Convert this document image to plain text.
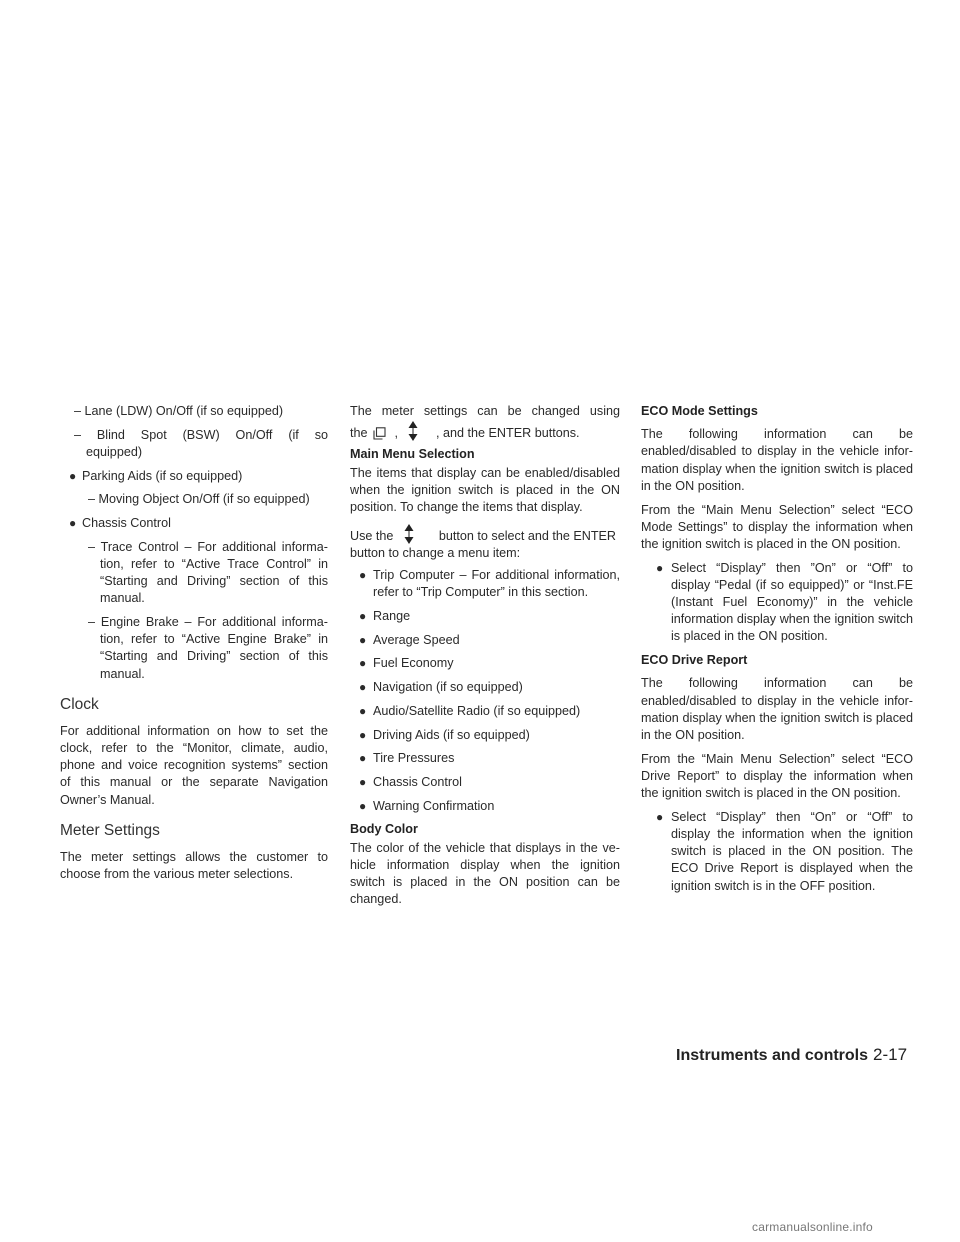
– Lane (LDW) On/Off (if so equipped)

– Blind Spot (BSW) On/Off (if so

equipped)

● Parking Aids (if so equipped)

– Moving Object On/Off (if so equipped)

● Chassis Control

– Trace Control – For additional informa- tion, refer to “Active Trace Control” in “Starting and Driving” section of this manual.

– Engine Brake – For additional informa- tion, refer to “Active Engine Brake” in “Starting and Driving” section of this manual.

Clock

For additional information on how to set the clock, refer to the “Monitor, climate, audio, phone and voice recognition systems” section of this manual or the separate Navigation Owner’s Manual.

Meter Settings

The meter settings allows the customer to choose from the various meter selections.

The meter settings can be changed using

the ,	, and the ENTER buttons.

Main Menu Selection

The items that display can be enabled/disabled when the ignition switch is placed in the ON position. To change the items that display.

Use the	button to select and the ENTER button to change a menu item:

● Trip Computer – For additional information, refer to “Trip Computer” in this section.

● Range

● Average Speed

● Fuel Economy

● Navigation (if so equipped)

● Audio/Satellite Radio (if so equipped)

● Driving Aids (if so equipped)

● Tire Pressures

● Chassis Control

● Warning Confirmation

Body Color

The color of the vehicle that displays in the ve- hicle information display when the ignition switch is placed in the ON position can be changed.

ECO Mode Settings

The following information can be enabled/disabled to display in the vehicle infor- mation display when the ignition switch is placed in the ON position.

From the “Main Menu Selection” select “ECO Mode Settings” to display the information when the ignition switch is placed in the ON position.

● Select “Display” then ”On” or “Off” to display “Pedal (if so equipped)” or “Inst.FE (Instant Fuel Economy)” in the vehicle information display when the ignition switch is placed in the ON position.

ECO Drive Report

The following information can be enabled/disabled to display in the vehicle infor- mation display when the ignition switch is placed in the ON position.

From the “Main Menu Selection” select “ECO Drive Report” to display the information when the ignition switch is placed in the ON position.

● Select “Display” then “On” or “Off” to display the information when the ignition switch is placed in the ON position. The ECO Drive Report is displayed when the ignition switch is in the OFF position.

Instruments and controls 2-17
carmanualsonline.info
